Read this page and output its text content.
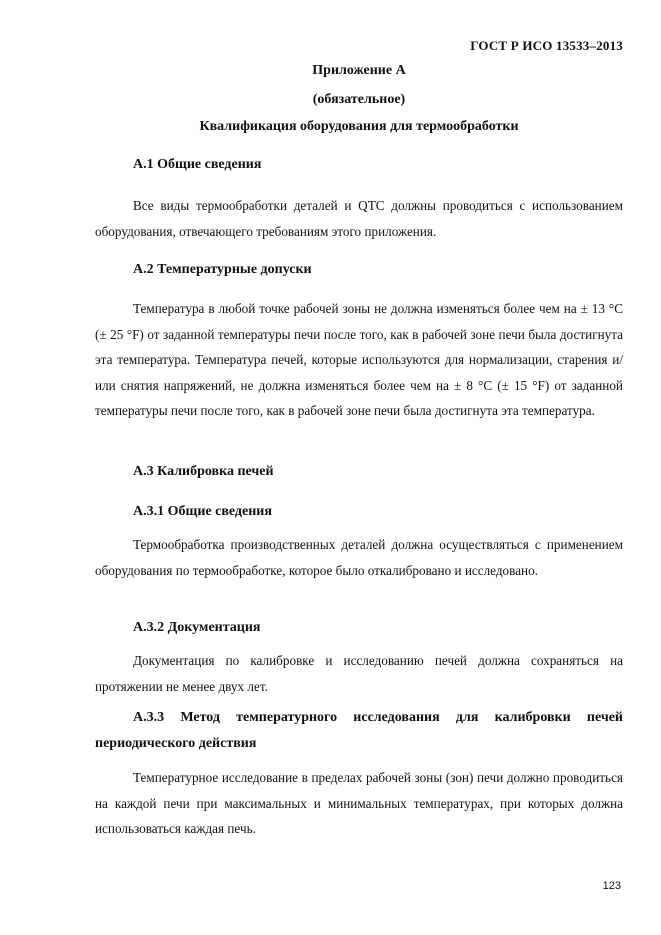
ГОСТ Р ИСО 13533–2013
Приложение А
(обязательное)
Квалификация оборудования для термообработки
А.1 Общие сведения

Все виды термообработки деталей и QTC должны проводиться с использованием оборудования, отвечающего требованиям этого приложения.

А.2 Температурные допуски

Температура в любой точке рабочей зоны не должна изменяться более чем на ± 13 °С (± 25 °F) от заданной температуры печи после того, как в рабочей зоне печи была достигнута эта температура. Температура печей, которые используются для нормализации, старения и/или снятия напряжений, не должна изменяться более чем на ± 8 °С (± 15 °F) от заданной температуры печи после того, как в рабочей зоне печи была достигнута эта температура.

А.3 Калибровка печей
А.3.1 Общие сведения

Термообработка производственных деталей должна осуществляться с применением оборудования по термообработке, которое было откалибровано и исследовано.

А.3.2 Документация

Документация по калибровке и исследованию печей должна сохраняться на протяжении не менее двух лет.

А.3.3 Метод температурного исследования для калибровки печей периодического действия

Температурное исследование в пределах рабочей зоны (зон) печи должно проводиться на каждой печи при максимальных и минимальных температурах, при которых должна использоваться каждая печь.

123
